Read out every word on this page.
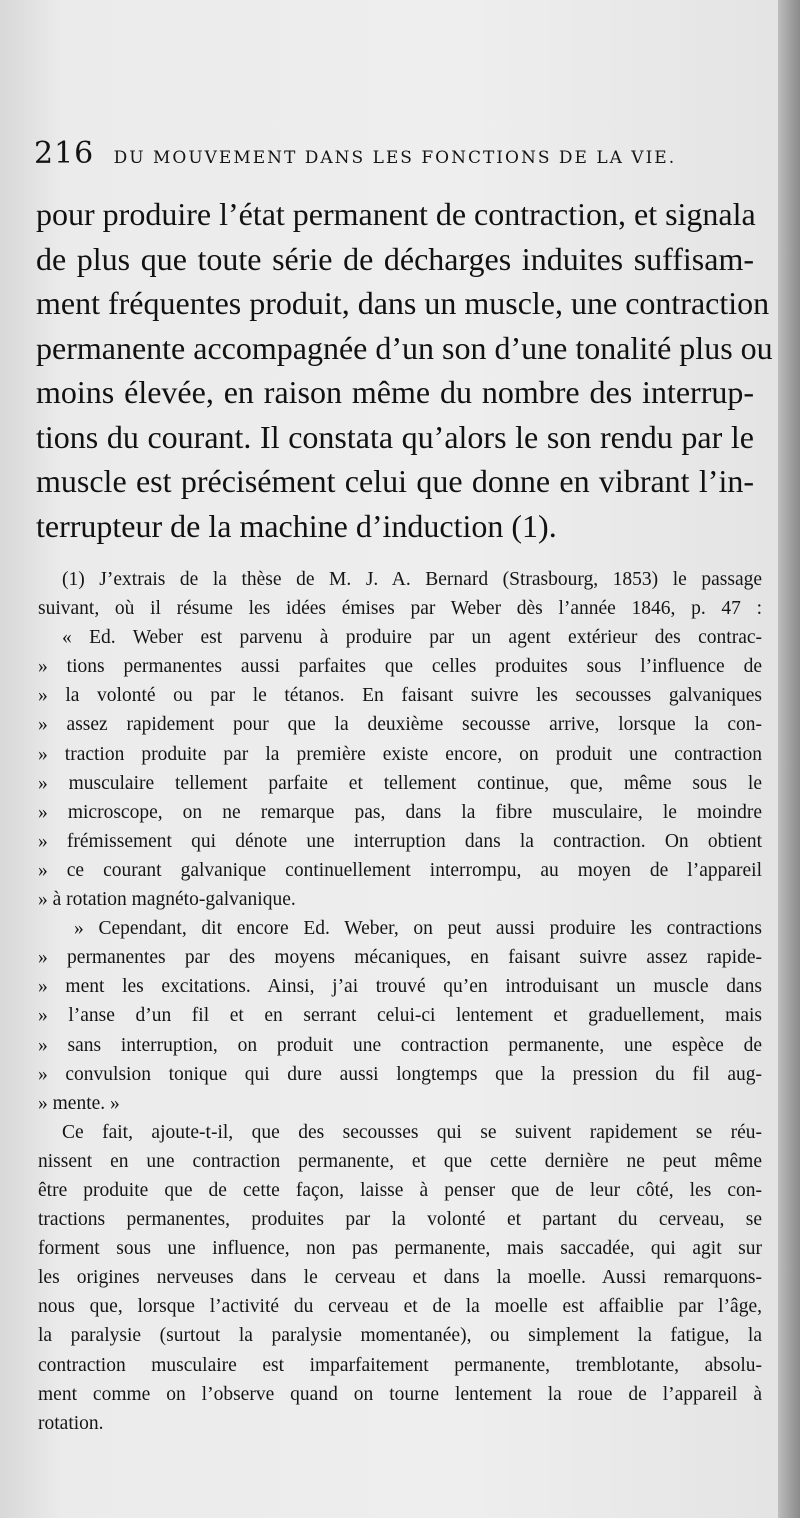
216 DU MOUVEMENT DANS LES FONCTIONS DE LA VIE.
pour produire l’état permanent de contraction, et signala
de plus que toute série de décharges induites suffisam-
ment fréquentes produit, dans un muscle, une contraction
permanente accompagnée d’un son d’une tonalité plus ou
moins élevée, en raison même du nombre des interrup-
tions du courant. Il constata qu’alors le son rendu par le
muscle est précisément celui que donne en vibrant l’in-
terrupteur de la machine d’induction (1).
(1) J’extrais de la thèse de M. J. A. Bernard (Strasbourg, 1853) le passage
suivant, où il résume les idées émises par Weber dès l’année 1846, p. 47 :
« Ed. Weber est parvenu à produire par un agent extérieur des contrac-
» tions permanentes aussi parfaites que celles produites sous l’influence de
» la volonté ou par le tétanos. En faisant suivre les secousses galvaniques
» assez rapidement pour que la deuxième secousse arrive, lorsque la con-
» traction produite par la première existe encore, on produit une contraction
» musculaire tellement parfaite et tellement continue, que, même sous le
» microscope, on ne remarque pas, dans la fibre musculaire, le moindre
» frémissement qui dénote une interruption dans la contraction. On obtient
» ce courant galvanique continuellement interrompu, au moyen de l’appareil
» à rotation magnéto-galvanique.
» Cependant, dit encore Ed. Weber, on peut aussi produire les contractions
» permanentes par des moyens mécaniques, en faisant suivre assez rapide-
» ment les excitations. Ainsi, j’ai trouvé qu’en introduisant un muscle dans
» l’anse d’un fil et en serrant celui-ci lentement et graduellement, mais
» sans interruption, on produit une contraction permanente, une espèce de
» convulsion tonique qui dure aussi longtemps que la pression du fil aug-
» mente. »
Ce fait, ajoute-t-il, que des secousses qui se suivent rapidement se réu-
nissent en une contraction permanente, et que cette dernière ne peut même
être produite que de cette façon, laisse à penser que de leur côté, les con-
tractions permanentes, produites par la volonté et partant du cerveau, se
forment sous une influence, non pas permanente, mais saccadée, qui agit sur
les origines nerveuses dans le cerveau et dans la moelle. Aussi remarquons-
nous que, lorsque l’activité du cerveau et de la moelle est affaiblie par l’âge,
la paralysie (surtout la paralysie momentanée), ou simplement la fatigue, la
contraction musculaire est imparfaitement permanente, tremblotante, absolu-
ment comme on l’observe quand on tourne lentement la roue de l’appareil à
rotation.
